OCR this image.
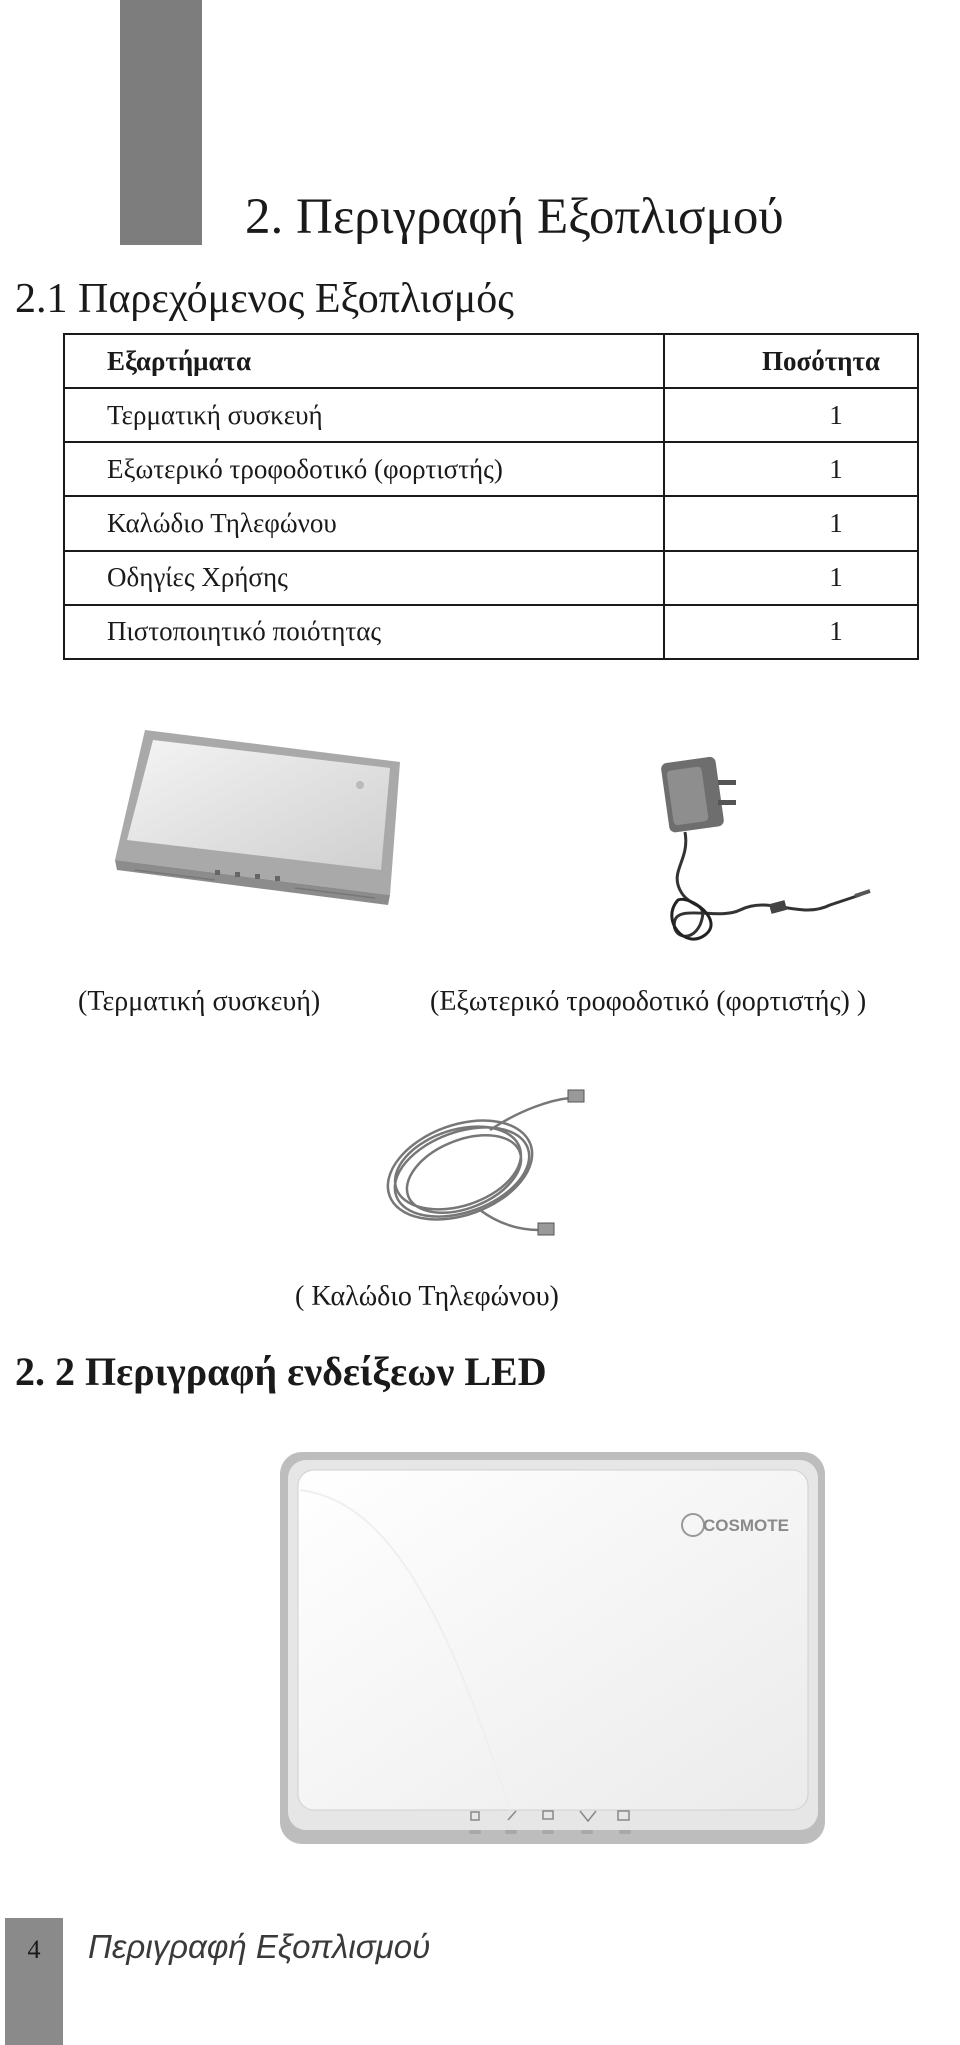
2. Περιγραφή Εξοπλισμού
2.1 Παρεχόμενος Εξοπλισμός
Εξαρτήματα	Ποσότητα
Τερματική συσκευή	1
Εξωτερικό τροφοδοτικό (φορτιστής)	1
Καλώδιο Τηλεφώνου	1
Οδηγίες Χρήσης	1
Πιστοποιητικό ποιότητας	1
(Τερματική συσκευή)	(Εξωτερικό τροφοδοτικό (φορτιστής) )
( Καλώδιο Τηλεφώνου)
2. 2 Περιγραφή ενδείξεων LED
COSMOTE
4	Περιγραφή Εξοπλισμού
